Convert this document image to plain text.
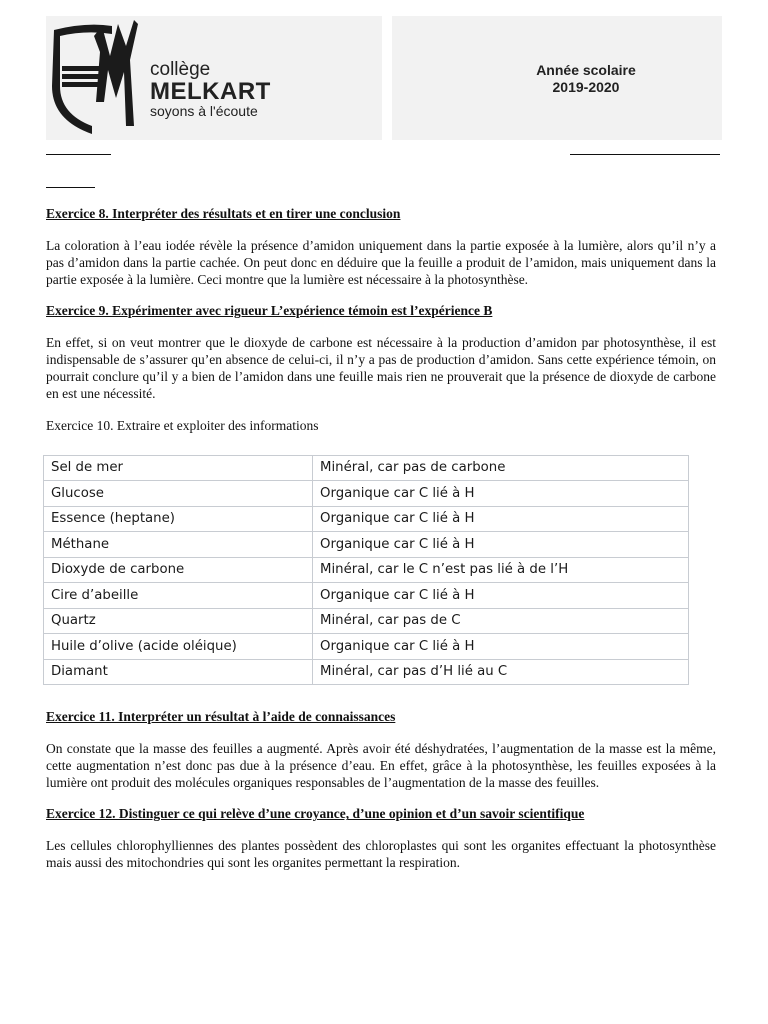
collège
MELKART
soyons à l'écoute
Année scolaire
2019-2020
Exercice 8. Interpréter des résultats et en tirer une conclusion

La coloration à l’eau iodée révèle la présence d’amidon uniquement dans la partie exposée à la lumière, alors qu’il n’y a pas d’amidon dans la partie cachée. On peut donc en déduire que la feuille a produit de l’amidon, mais uniquement dans la partie exposée à la lumière. Ceci montre que la lumière est nécessaire à la photosynthèse.

Exercice 9. Expérimenter avec rigueur L’expérience témoin est l’expérience B

En effet, si on veut montrer que le dioxyde de carbone est nécessaire à la production d’amidon par photosynthèse, il est indispensable de s’assurer qu’en absence de celui-ci, il n’y a pas de production d’amidon. Sans cette expérience témoin, on pourrait conclure qu’il y a bien de l’amidon dans une feuille mais rien ne prouverait que la présence de dioxyde de carbone en est une nécessité.

Exercice 10. Extraire et exploiter des informations
Sel de mer	Minéral, car pas de carbone
Glucose	Organique car C lié à H
Essence (heptane)	Organique car C lié à H
Méthane	Organique car C lié à H
Dioxyde de carbone	Minéral, car le C n’est pas lié à de l’H
Cire d’abeille	Organique car C lié à H
Quartz	Minéral, car pas de C
Huile d’olive (acide oléique)	Organique car C lié à H
Diamant	Minéral, car pas d’H lié au C
Exercice 11. Interpréter un résultat à l’aide de connaissances

On constate que la masse des feuilles a augmenté. Après avoir été déshydratées, l’augmentation de la masse est la même, cette augmentation n’est donc pas due à la présence d’eau. En effet, grâce à la photosynthèse, les feuilles exposées à la lumière ont produit des molécules organiques responsables de l’augmentation de la masse des feuilles.

Exercice 12. Distinguer ce qui relève d’une croyance, d’une opinion et d’un savoir scientifique

Les cellules chlorophylliennes des plantes possèdent des chloroplastes qui sont les organites effectuant la photosynthèse mais aussi des mitochondries qui sont les organites permettant la respiration.
